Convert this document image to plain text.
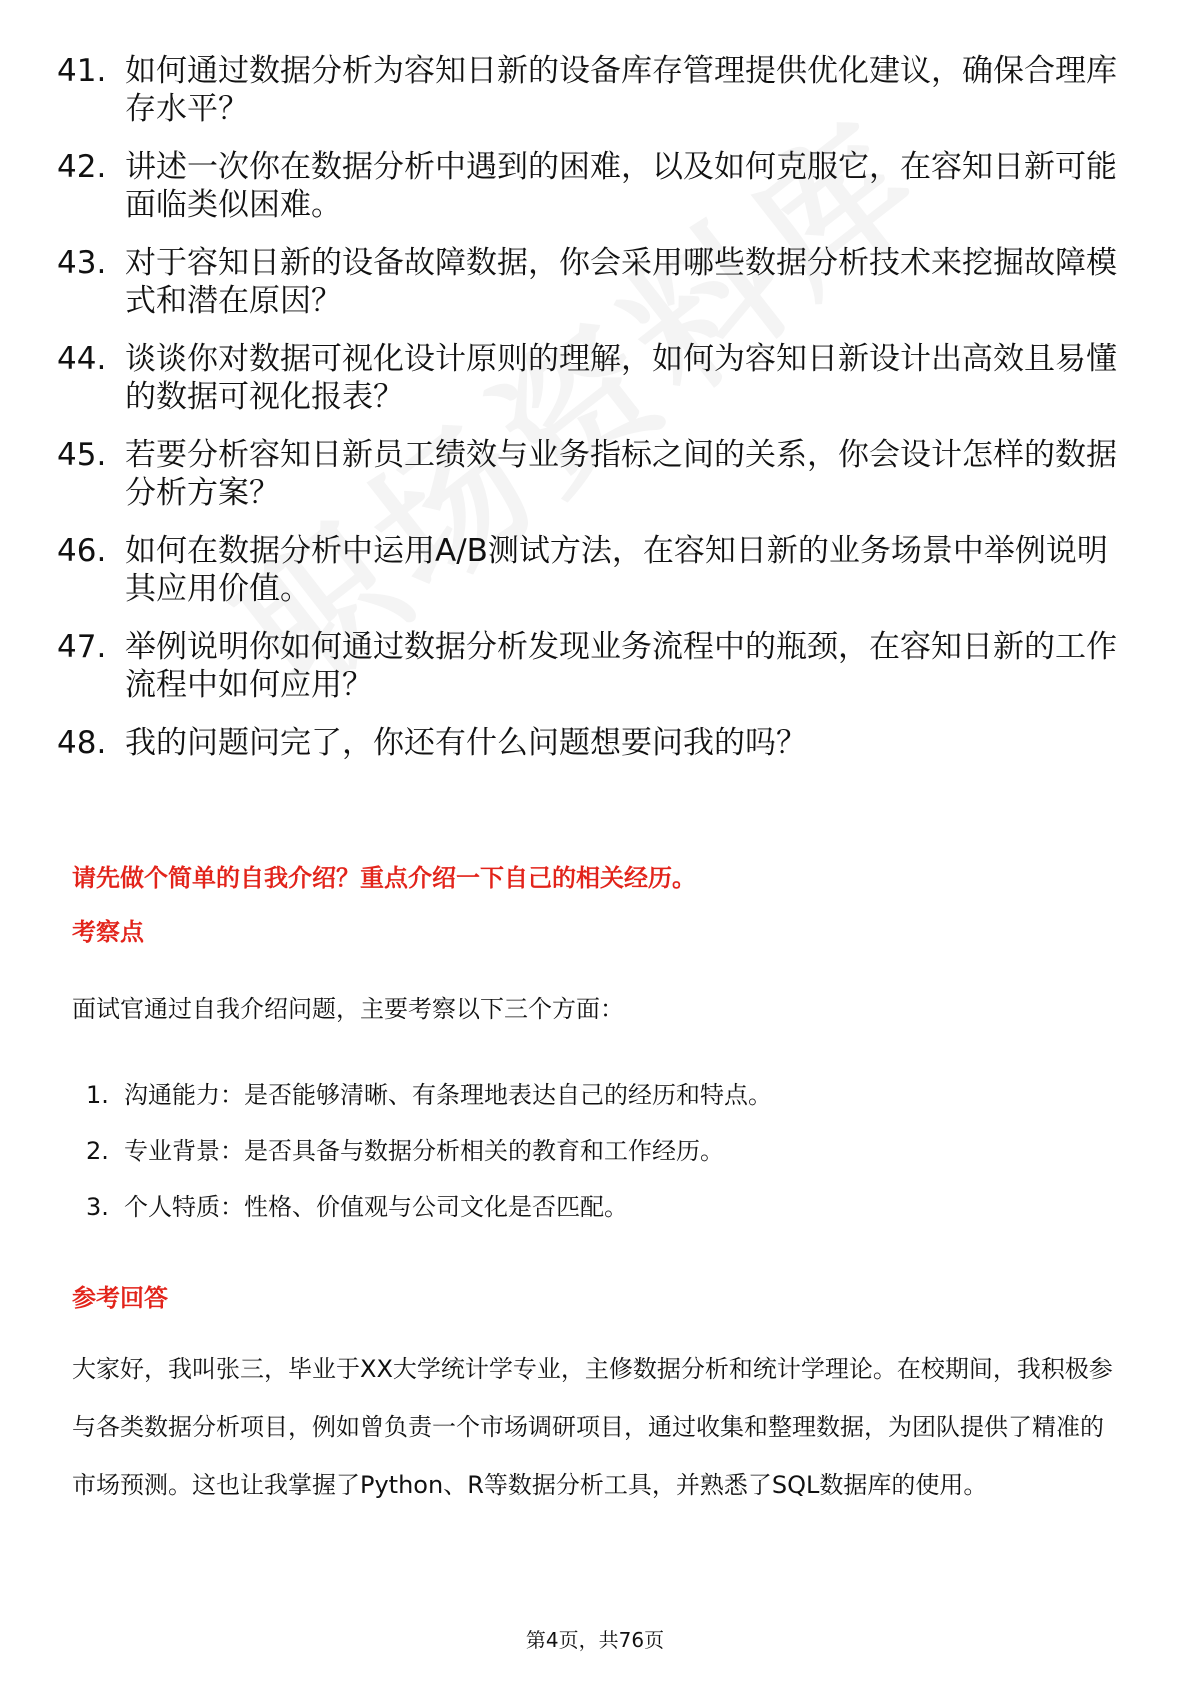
41. 如何通过数据分析为容知日新的设备库存管理提供优化建议，确保合理库存水平？
42. 讲述一次你在数据分析中遇到的困难，以及如何克服它，在容知日新可能面临类似困难。
43. 对于容知日新的设备故障数据，你会采用哪些数据分析技术来挖掘故障模式和潜在原因？
44. 谈谈你对数据可视化设计原则的理解，如何为容知日新设计出高效且易懂的数据可视化报表？
45. 若要分析容知日新员工绩效与业务指标之间的关系，你会设计怎样的数据分析方案？
46. 如何在数据分析中运用A/B测试方法，在容知日新的业务场景中举例说明其应用价值。
47. 举例说明你如何通过数据分析发现业务流程中的瓶颈，在容知日新的工作流程中如何应用？
48. 我的问题问完了，你还有什么问题想要问我的吗？
请先做个简单的自我介绍？重点介绍一下自己的相关经历。
考察点
面试官通过自我介绍问题，主要考察以下三个方面：
1. 沟通能力：是否能够清晰、有条理地表达自己的经历和特点。
2. 专业背景：是否具备与数据分析相关的教育和工作经历。
3. 个人特质：性格、价值观与公司文化是否匹配。
参考回答
大家好，我叫张三，毕业于XX大学统计学专业，主修数据分析和统计学理论。在校期间，我积极参与各类数据分析项目，例如曾负责一个市场调研项目，通过收集和整理数据，为团队提供了精准的市场预测。这也让我掌握了Python、R等数据分析工具，并熟悉了SQL数据库的使用。
第4页，共76页
